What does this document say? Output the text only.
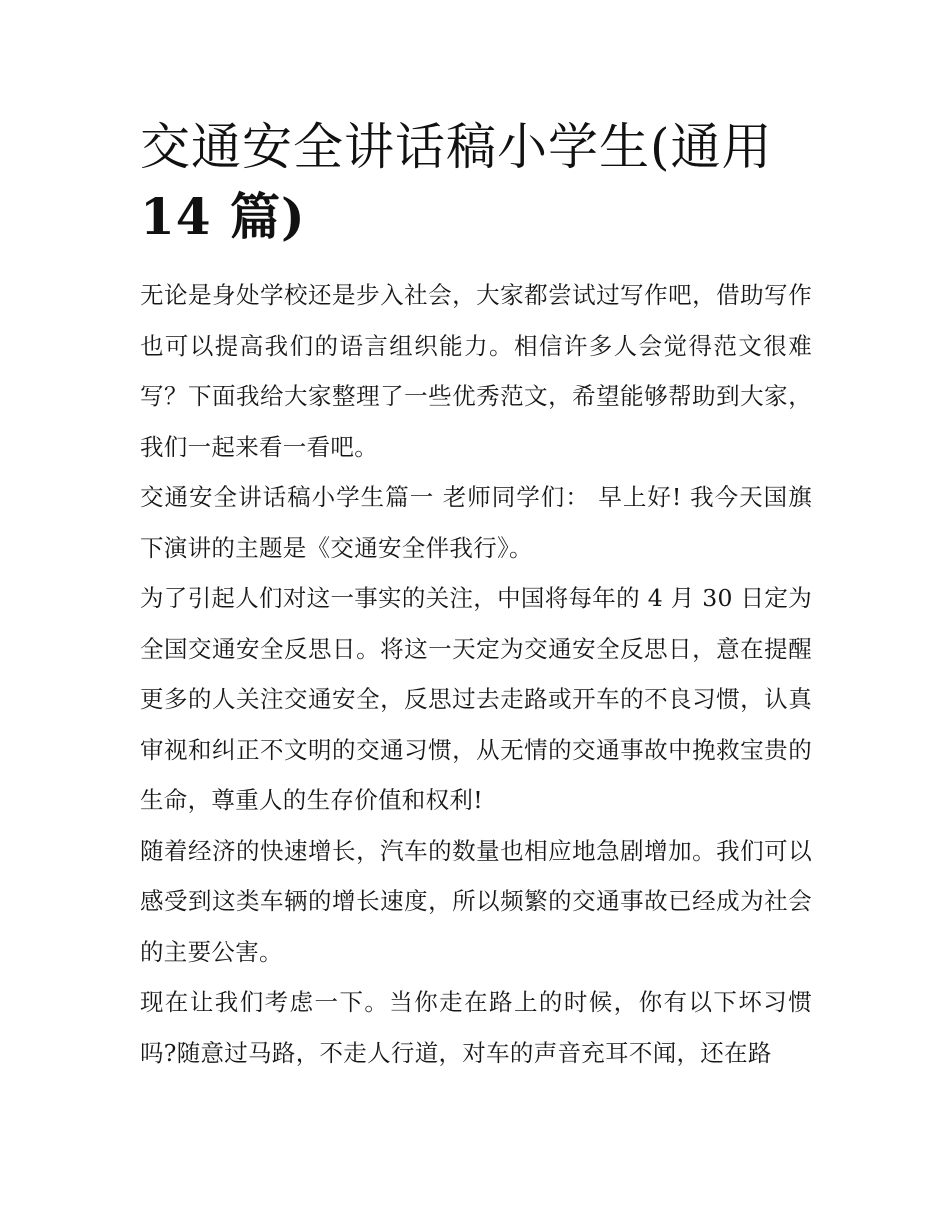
交通安全讲话稿小学生(通用
14 篇)

无论是身处学校还是步入社会，大家都尝试过写作吧，借助写作也可以提高我们的语言组织能力。相信许多人会觉得范文很难写？下面我给大家整理了一些优秀范文，希望能够帮助到大家，我们一起来看一看吧。

交通安全讲话稿小学生篇一 老师同学们： 早上好! 我今天国旗下演讲的主题是《交通安全伴我行》。

为了引起人们对这一事实的关注，中国将每年的 4 月 30 日定为全国交通安全反思日。将这一天定为交通安全反思日，意在提醒更多的人关注交通安全，反思过去走路或开车的不良习惯，认真审视和纠正不文明的交通习惯，从无情的交通事故中挽救宝贵的生命，尊重人的生存价值和权利!

随着经济的快速增长，汽车的数量也相应地急剧增加。我们可以感受到这类车辆的增长速度，所以频繁的交通事故已经成为社会的主要公害。

现在让我们考虑一下。当你走在路上的时候，你有以下坏习惯吗?随意过马路，不走人行道，对车的声音充耳不闻，还在路
